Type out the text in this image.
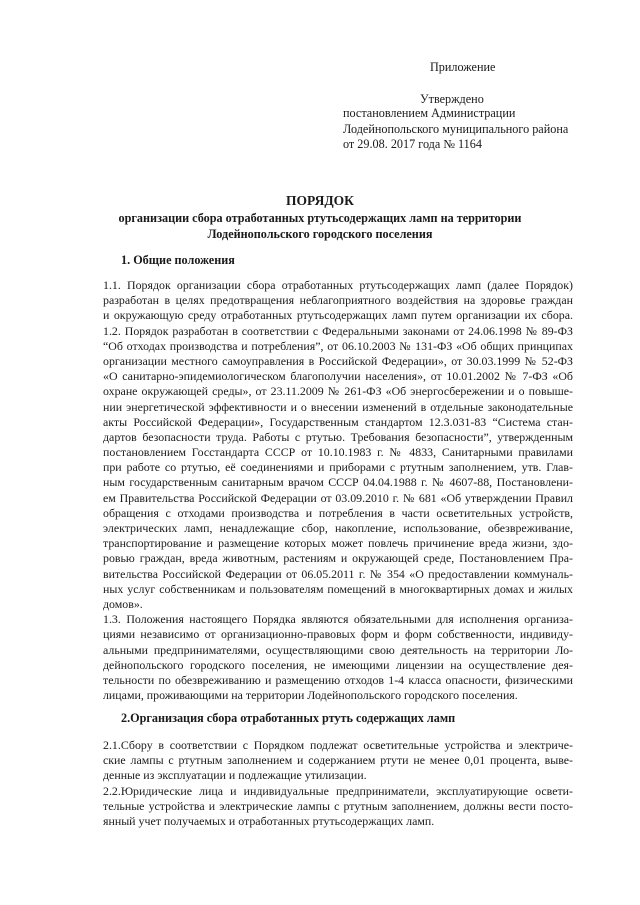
Приложение
Утверждено
постановлением Администрации
Лодейнопольского муниципального района
от 29.08. 2017 года № 1164
ПОРЯДОК
организации сбора отработанных ртутьсодержащих ламп на территории
Лодейнопольского городского поселения
1. Общие положения
1.1. Порядок организации сбора отработанных ртутьсодержащих ламп (далее Порядок)
разработан в целях предотвращения неблагоприятного воздействия на здоровье граждан
и окружающую среду отработанных ртутьсодержащих ламп путем организации их сбора.
1.2. Порядок разработан в соответствии с Федеральными законами от 24.06.1998 № 89-ФЗ
“Об отходах производства и потребления”, от 06.10.2003 № 131-ФЗ «Об общих принципах
организации местного самоуправления в Российской Федерации», от 30.03.1999 № 52-ФЗ
«О санитарно-эпидемиологическом благополучии населения», от 10.01.2002 № 7-ФЗ «Об
охране окружающей среды», от 23.11.2009 № 261-ФЗ «Об энергосбережении и о повыше-
нии энергетической эффективности и о внесении изменений в отдельные законодательные
акты Российской Федерации», Государственным стандартом 12.3.031-83 “Система стан-
дартов безопасности труда. Работы с ртутью. Требования безопасности”, утвержденным
постановлением Госстандарта СССР от 10.10.1983 г. № 4833, Санитарными правилами
при работе со ртутью, её соединениями и приборами с ртутным заполнением, утв. Глав-
ным государственным санитарным врачом СССР 04.04.1988 г. № 4607-88, Постановлени-
ем Правительства Российской Федерации от 03.09.2010 г. № 681 «Об утверждении Правил
обращения с отходами производства и потребления в части осветительных устройств,
электрических ламп, ненадлежащие сбор, накопление, использование, обезвреживание,
транспортирование и размещение которых может повлечь причинение вреда жизни, здо-
ровью граждан, вреда животным, растениям и окружающей среде, Постановлением Пра-
вительства Российской Федерации от 06.05.2011 г. № 354 «О предоставлении коммуналь-
ных услуг собственникам и пользователям помещений в многоквартирных домах и жилых
домов».
1.3. Положения настоящего Порядка являются обязательными для исполнения организа-
циями независимо от организационно-правовых форм и форм собственности, индивиду-
альными предпринимателями, осуществляющими свою деятельность на территории Ло-
дейнопольского городского поселения, не имеющими лицензии на осуществление дея-
тельности по обезвреживанию и размещению отходов 1-4 класса опасности, физическими
лицами, проживающими на территории Лодейнопольского городского поселения.
2.Организация сбора отработанных ртуть содержащих ламп
2.1.Сбору в соответствии с Порядком подлежат осветительные устройства и электриче-
ские лампы с ртутным заполнением и содержанием ртути не менее 0,01 процента, выве-
денные из эксплуатации и подлежащие утилизации.
2.2.Юридические лица и индивидуальные предприниматели, эксплуатирующие освети-
тельные устройства и электрические лампы с ртутным заполнением, должны вести посто-
янный учет получаемых и отработанных ртутьсодержащих ламп.
